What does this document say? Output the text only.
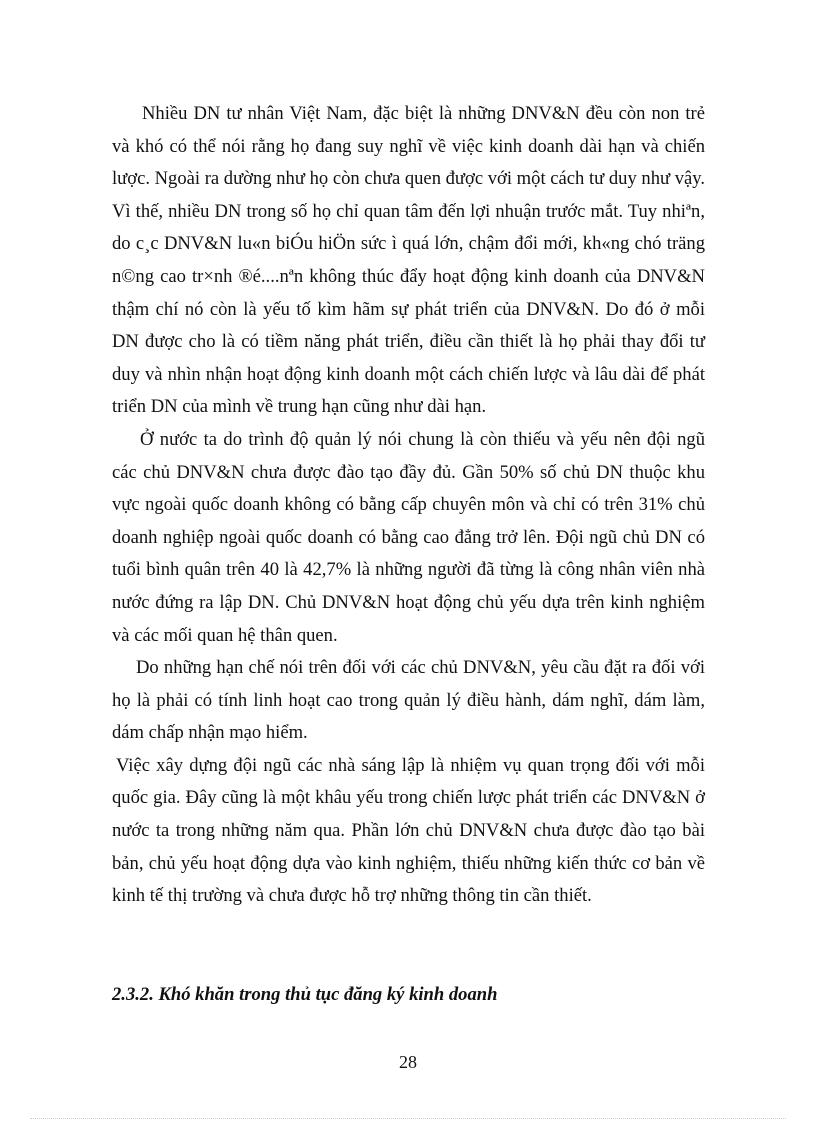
Nhiều DN tư nhân Việt Nam, đặc biệt là những DNV&N đều còn non trẻ và khó có thể nói rằng họ đang suy nghĩ về việc kinh doanh dài hạn và chiến lược. Ngoài ra dường như họ còn chưa quen được với một cách tư duy như vậy. Vì thế, nhiều DN trong số họ chỉ quan tâm đến lợi nhuận trước mắt. Tuy nhiªn, do c¸c DNV&N lu«n biÓu hiÖn sức ì quá lớn, chậm đổi mới, kh«ng chó träng n©ng cao tr×nh ®é....nªn không thúc đẩy hoạt động kinh doanh của DNV&N thậm chí nó còn là yếu tố kìm hãm sự phát triển của DNV&N. Do đó ở mỗi DN được cho là có tiềm năng phát triển, điều cần thiết là họ phải thay đổi tư duy và nhìn nhận hoạt động kinh doanh một cách chiến lược và lâu dài để phát triển DN của mình về trung hạn cũng như dài hạn.

Ở nước ta do trình độ quản lý nói chung là còn thiếu và yếu nên đội ngũ các chủ DNV&N chưa được đào tạo đầy đủ. Gần 50% số chủ DN thuộc khu vực ngoài quốc doanh không có bằng cấp chuyên môn và chỉ có trên 31% chủ doanh nghiệp ngoài quốc doanh có bằng cao đẳng trở lên. Đội ngũ chủ DN có tuổi bình quân trên 40 là 42,7% là những người đã từng là công nhân viên nhà nước đứng ra lập DN. Chủ DNV&N hoạt động chủ yếu dựa trên kinh nghiệm và các mối quan hệ thân quen.

Do những hạn chế nói trên đối với các chủ DNV&N, yêu cầu đặt ra đối với họ là phải có tính linh hoạt cao trong quản lý điều hành, dám nghĩ, dám làm, dám chấp nhận mạo hiểm.

Việc xây dựng đội ngũ các nhà sáng lập là nhiệm vụ quan trọng đối với mỗi quốc gia. Đây cũng là một khâu yếu trong chiến lược phát triển các DNV&N ở nước ta trong những năm qua. Phần lớn chủ DNV&N chưa được đào tạo bài bản, chủ yếu hoạt động dựa vào kinh nghiệm, thiếu những kiến thức cơ bản về kinh tế thị trường và chưa được hỗ trợ những thông tin cần thiết.

2.3.2. Khó khăn trong thủ tục đăng ký kinh doanh
28
